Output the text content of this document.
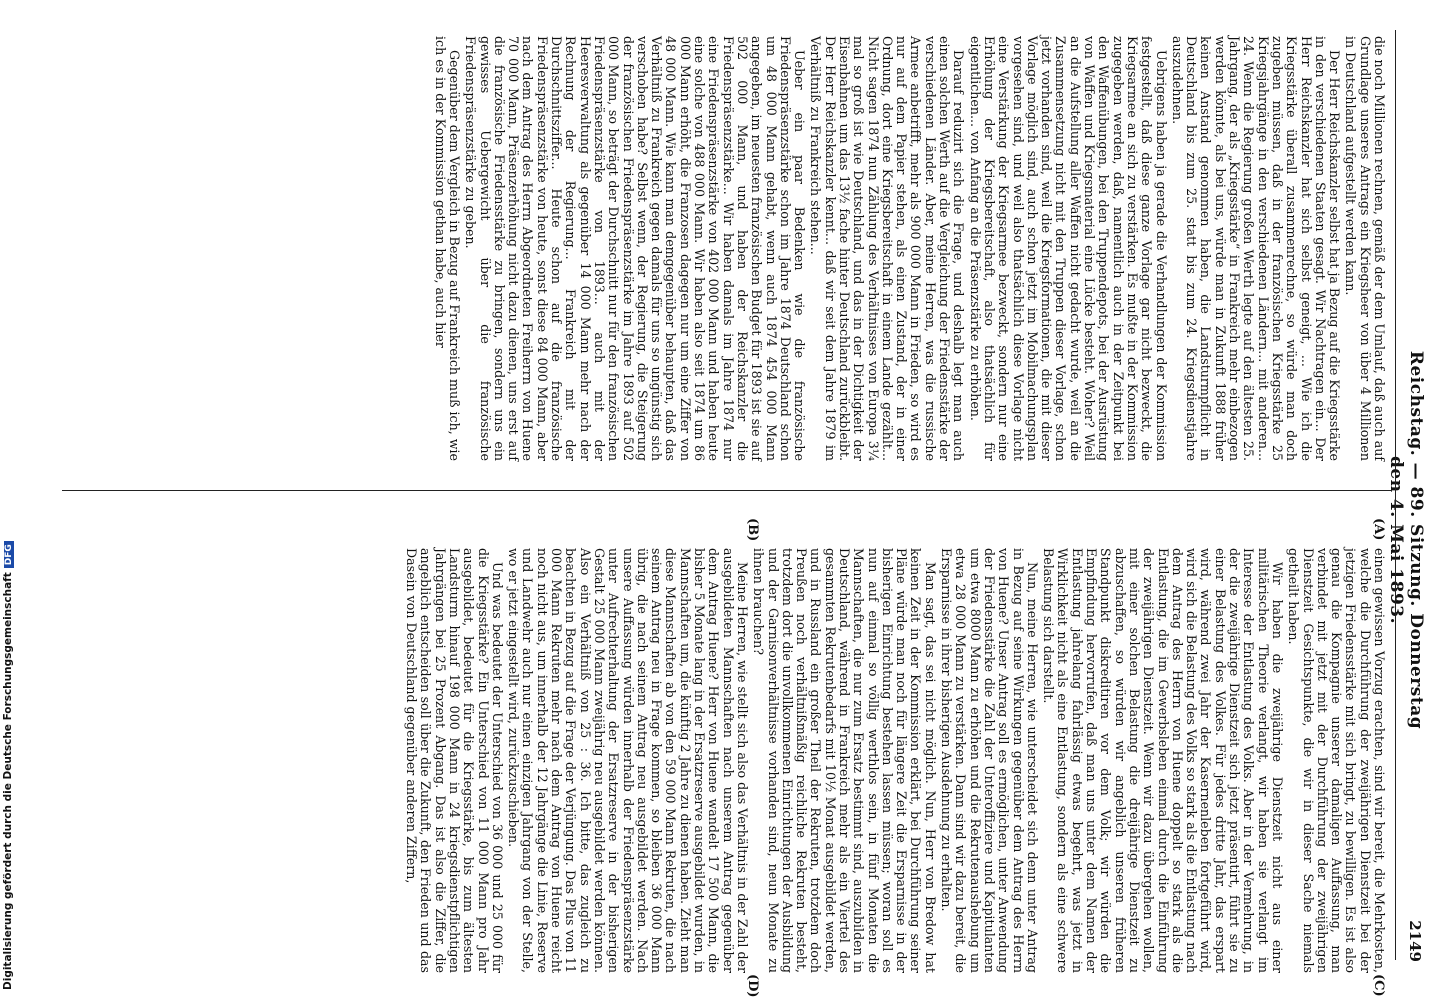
Reichstag. — 89. Sitzung. Donnerstag den 4. Mai 1893.
2149
(A)
(B)
(C)
(D)

einen gewissen Vorzug erachten, sind wir bereit, die Mehrkosten, welche die Durchführung der zweijährigen Dienstzeit bei der jetzigen Friedensstärke mit sich bringt, zu bewilligen. Es ist also genau die Kompagnie unserer damaligen Auffassung, man verbindet mit jetzt mit der Durchführung der zweijährigen Dienstzeit Gesichtspunkte, die wir in dieser Sache niemals getheilt haben.

Wir haben die zweijährige Dienstzeit nicht aus einer militärischen Theorie verlangt, wir haben sie verlangt im Interesse der Entlastung des Volks. Aber in der Vermehrung, in der die zweijährige Dienstzeit sich jetzt präsentirt, führt sie zu einer Belastung des Volkes. Für jedes dritte Jahr, das erspart wird, während zwei Jahr der Kasernenleben fortgeführt wird, wird sich die Belastung des Volks so stark als die Entlastung nach dem Antrag des Herrn von Huene doppelt so stark als die Entlastung, die im Gewerbsleben einmal durch die Einführung der zweijährigen Dienstzeit. Wenn wir dazu übergehen wollen, mit einer solchen Belastung die dreijährige Dienstzeit zu abzuschaffen, so würden wir angeblich unseren früheren Standpunkt diskreditiren vor dem Volk; wir würden die Empfindung hervorrufen, daß man uns unter dem Namen der Entlastung jahrelang fahrlässig etwas begehrt, was jetzt in Wirklichkeit nicht als eine Entlastung, sondern als eine schwere Belastung sich darstellt.

Nun, meine Herren, wie unterscheidet sich denn unter Antrag in Bezug auf seine Wirkungen gegenüber dem Antrag des Herrn von Huene? Unser Antrag soll es ermöglichen, unter Anwendung der Friedensstärke die Zahl der Unteroffiziere und Kapitulanten um etwa 8000 Mann zu erhöhen und die Rekrutenaushebung um etwa 28 000 Mann zu verstärken. Dann sind wir dazu bereit, die Ersparnisse in ihrer bisherigen Ausdehnung zu erhalten.

Man sagt, das sei nicht möglich. Nun, Herr von Bredow hat keinen Zeit in der Kommission erklärt, bei Durchführung seiner Pläne würde man noch für längere Zeit die Ersparnisse in der bisherigen Einrichtung bestehen lassen müssen; woran soll es nun auf einmal so völlig werthlos sein, in fünf Monaten die Mannschaften, die nur zum Ersatz bestimmt sind, auszubilden in Deutschland, während in Frankreich mehr als ein Viertel des gesammten Rekrutenbedarfs mit 10½ Monat ausgebildet werden, und in Russland ein großer Theil der Rekruten, trotzdem doch Preußen noch verhältnißmäßig reichliche Rekruten besteht, trotzdem dort die unvollkommenen Einrichtungen der Ausbildung und der Garnisonverhältnisse vorhanden sind, neun Monate zu ihnen brauchen?

Meine Herren, wie stellt sich also das Verhältnis in der Zahl der ausgebildeten Mannschaften nach unserem Antrag gegenüber dem Antrag Huene? Herr von Huene wandelt 17 500 Mann, die bisher 5 Monate lang in der Ersatzreserve ausgebildet wurden, in Mannschaften um, die künftig 2 Jahre zu dienen haben. Zieht man diese Mannschaften ab von den 59 000 Mann Rekruten, die nach seinem Antrag neu in Frage kommen, so bleiben 36 000 Mann übrig, die nach seinem Antrag neu ausgebildet werden. Nach unsere Auffassung würden innerhalb der Friedenspräsenzstärke unter Aufrechterhaltung der Ersatzreserve in der bisherigen Gestalt 25 000 Mann zweijährig neu ausgebildet werden können. Also ein Verhältniß von 25 : 36. Ich bitte, das zugleich zu beachten in Bezug auf die Frage der Verjüngung. Das Plus von 11 000 Mann Rekruten mehr nach dem Antrag von Huene reicht noch nicht aus, um innerhalb der 12 Jahrgänge die Linie, Reserve und Landwehr auch nur einen einzigen Jahrgang von der Stelle, wo er jetzt eingestellt wird, zurückzuschieben.

Und was bedeutet der Unterschied von 36 000 und 25 000 für die Kriegsstärke? Ein Unterschied von 11 000 Mann pro Jahr ausgebildet, bedeutet für die Kriegsstärke, bis zum ältesten Landsturm hinauf 198 000 Mann in 24 kriegsdienstpflichtigen Jahrgängen bei 25 Prozent Abgang. Das ist also die Ziffer, die angeblich entscheiden soll über die Zukunft, den Frieden und das Dasein von Deutschland gegenüber anderen Ziffern,

die noch Millionen rechnen, gemäß der dem Umlauf, daß auch auf Grundlage unseres Antrags ein Kriegsheer von über 4 Millionen in Deutschland aufgestellt werden kann.

Der Herr Reichskanzler selbst hat ja Bezug auf die Kriegsstärke in den verschiedenen Staaten gesagt. Wir Nachtragen ein... Der Herr Reichskanzler hat sich selbst geneigt, ... Wie ich die Kriegsstärke überall zusammenrechne, so würde man doch zugeben müssen, daß in der französischen Kriegsstärke 25 Kriegsjahrgänge in den verschiedenen Ländern... mit anderen... 24. Wenn die Regierung großen Werth legte auf den ältesten 25. Jahrgang, der als „Kriegsstärke“ in Frankreich mehr einbezogen werden könnte, als bei uns, würde man in Zukunft 1888 früher keinen Anstand genommen haben, die Landsturmpflicht in Deutschland bis zum 25. statt bis zum 24. Kriegsdienstjahre auszudehnen.

Uebrigens haben ja gerade die Verhandlungen der Kommission festgestellt, daß diese ganze Vorlage gar nicht bezweckt, die Kriegsarmee an sich zu verstärken. Es mußte in der Kommission zugegeben werden, daß, namentlich auch in der Zeitpunkt bei den Waffenübungen, bei den Truppendepots, bei der Ausrüstung von Waffen und Kriegsmaterial eine Lücke besteht. Woher? Weil an die Aufstellung aller Waffen nicht gedacht wurde, weil an die Zusammensetzung nicht mit den Truppen dieser Vorlage, schon jetzt vorhanden sind, weil die Kriegsformationen, die mit dieser Vorlage möglich sind, auch schon jetzt im Mobilmachungsplan vorgesehen sind, und weil also thatsächlich diese Vorlage nicht eine Verstärkung der Kriegsarmee bezweckt, sondern nur eine Erhöhung der Kriegsbereitschaft, also thatsächlich für eigentlichen... von Anfang an die Präsenzstärke zu erhöhen.

Darauf reduzirt sich die Frage, und deshalb legt man auch einen solchen Werth auf die Vergleichung der Friedensstärke der verschiedenen Länder. Aber, meine Herren, was die russische Armee anbetrifft, mehr als 900 000 Mann in Frieden, so wird es nur auf dem Papier stehen, als einen Zustand, der in einer Ordnung, dort eine Kriegsbereitschaft in einem Lande gezählt... Nicht sagen 1874 nun Zählung des Verhältnisses von Europa 3¼ mal so groß ist wie Deutschland, und das in der Dichtigkeit der Eisenbahnen um das 13½ fache hinter Deutschland zurückbleibt. Der Herr Reichskanzler kennt... daß wir seit dem Jahre 1879 im Verhältniß zu Frankreich stehen...

Ueber ein paar Bedenken wie die französische Friedenspräsenzstärke schon im Jahre 1874 Deutschland schon um 48 000 Mann gehabt, wenn auch 1874 454 000 Mann angegeben, im neuesten französischen Budget für 1893 ist sie auf 502 000 Mann, und haben der Reichskanzler die Friedenspräsenzstärke... Wir haben damals im Jahre 1874 nur eine Friedenspräsenzstärke von 402 000 Mann und haben heute eine solche von 488 000 Mann. Wir haben also seit 1874 um 86 000 Mann erhöht, die Franzosen dagegen nur um eine Ziffer von 48 000 Mann. Wie kann man demgegenüber behaupten, daß das Verhältniß zu Frankreich gegen damals für uns so ungünstig sich verschoben habe? Selbst wenn, der Regierung, die Steigerung der französischen Friedenspräsenzstärke im Jahre 1893 auf 502 000 Mann, so beträgt der Durchschnitt nur für den französischen Friedenspräsenzstärke von 1893... auch mit der Heeresverwaltung als gegenüber 14 000 Mann mehr nach der Rechnung der Regierung... Frankreich mit der Durchschnittsziffer... Heute schon auf die französische Friedenspräsenzstärke von heute, sonst diese 84 000 Mann, aber nach dem Antrag des Herrn Abgeordneten Freiherrn von Huene 70 000 Mann, Präsenzerhöhung nicht dazu dienen, uns erst auf die französische Friedensstärke zu bringen, sondern uns ein gewisses Uebergewicht über die französische Friedenspräsenzstärke zu geben.

Gegenüber dem Vergleich in Bezug auf Frankreich muß ich, wie ich es in der Kommission gethan habe, auch hier

Digitalisierung gefördert durch die Deutsche ForschungsgemeinschaftDFG
